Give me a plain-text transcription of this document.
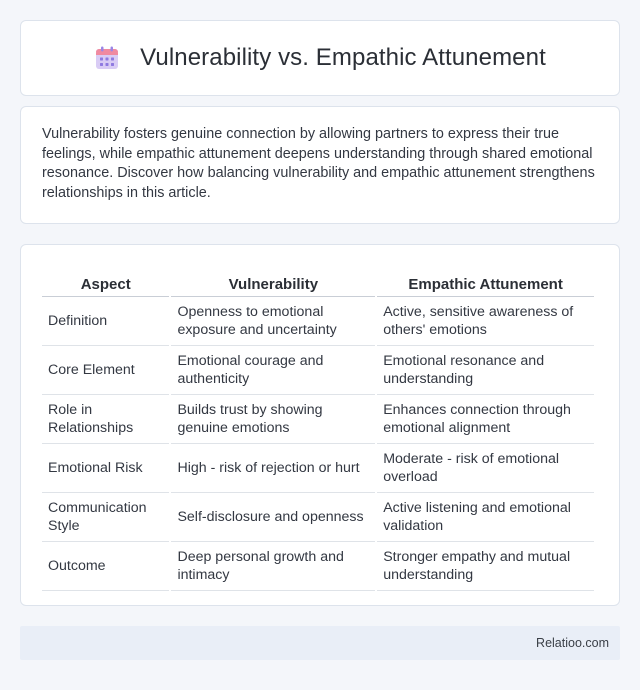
Vulnerability vs. Empathic Attunement

Vulnerability fosters genuine connection by allowing partners to express their true feelings, while empathic attunement deepens understanding through shared emotional resonance. Discover how balancing vulnerability and empathic attunement strengthens relationships in this article.

Aspect	Vulnerability	Empathic Attunement
Definition	Openness to emotional exposure and uncertainty	Active, sensitive awareness of others' emotions
Core Element	Emotional courage and authenticity	Emotional resonance and understanding
Role in Relationships	Builds trust by showing genuine emotions	Enhances connection through emotional alignment
Emotional Risk	High - risk of rejection or hurt	Moderate - risk of emotional overload
Communication Style	Self-disclosure and openness	Active listening and emotional validation
Outcome	Deep personal growth and intimacy	Stronger empathy and mutual understanding
Relatioo.com
